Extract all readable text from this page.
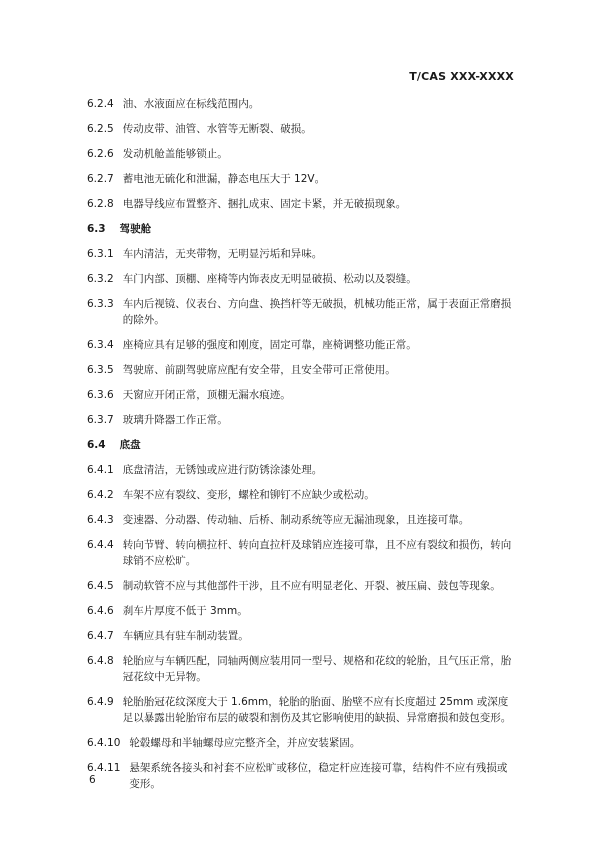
T/CAS XXX-XXXX
6.2.4 油、水液面应在标线范围内。
6.2.5 传动皮带、油管、水管等无断裂、破损。
6.2.6 发动机舱盖能够锁止。
6.2.7 蓄电池无硫化和泄漏，静态电压大于 12V。
6.2.8 电器导线应布置整齐、捆扎成束、固定卡紧，并无破损现象。
6.3 驾驶舱
6.3.1 车内清洁，无夹带物，无明显污垢和异味。
6.3.2 车门内部、顶棚、座椅等内饰表皮无明显破损、松动以及裂缝。
6.3.3 车内后视镜、仪表台、方向盘、换挡杆等无破损，机械功能正常，属于表面正常磨损的除外。
6.3.4 座椅应具有足够的强度和刚度，固定可靠，座椅调整功能正常。
6.3.5 驾驶席、前副驾驶席应配有安全带，且安全带可正常使用。
6.3.6 天窗应开闭正常，顶棚无漏水痕迹。
6.3.7 玻璃升降器工作正常。
6.4 底盘
6.4.1 底盘清洁，无锈蚀或应进行防锈涂漆处理。
6.4.2 车架不应有裂纹、变形，螺栓和铆钉不应缺少或松动。
6.4.3 变速器、分动器、传动轴、后桥、制动系统等应无漏油现象，且连接可靠。
6.4.4 转向节臂、转向横拉杆、转向直拉杆及球销应连接可靠，且不应有裂纹和损伤，转向球销不应松旷。
6.4.5 制动软管不应与其他部件干涉，且不应有明显老化、开裂、被压扁、鼓包等现象。
6.4.6 刹车片厚度不低于 3mm。
6.4.7 车辆应具有驻车制动装置。
6.4.8 轮胎应与车辆匹配，同轴两侧应装用同一型号、规格和花纹的轮胎，且气压正常，胎冠花纹中无异物。
6.4.9 轮胎胎冠花纹深度大于 1.6mm，轮胎的胎面、胎壁不应有长度超过 25mm 或深度足以暴露出轮胎帘布层的破裂和割伤及其它影响使用的缺损、异常磨损和鼓包变形。
6.4.10 轮毂螺母和半轴螺母应完整齐全，并应安装紧固。
6.4.11 悬架系统各接头和衬套不应松旷或移位，稳定杆应连接可靠，结构件不应有残损或变形。
6
